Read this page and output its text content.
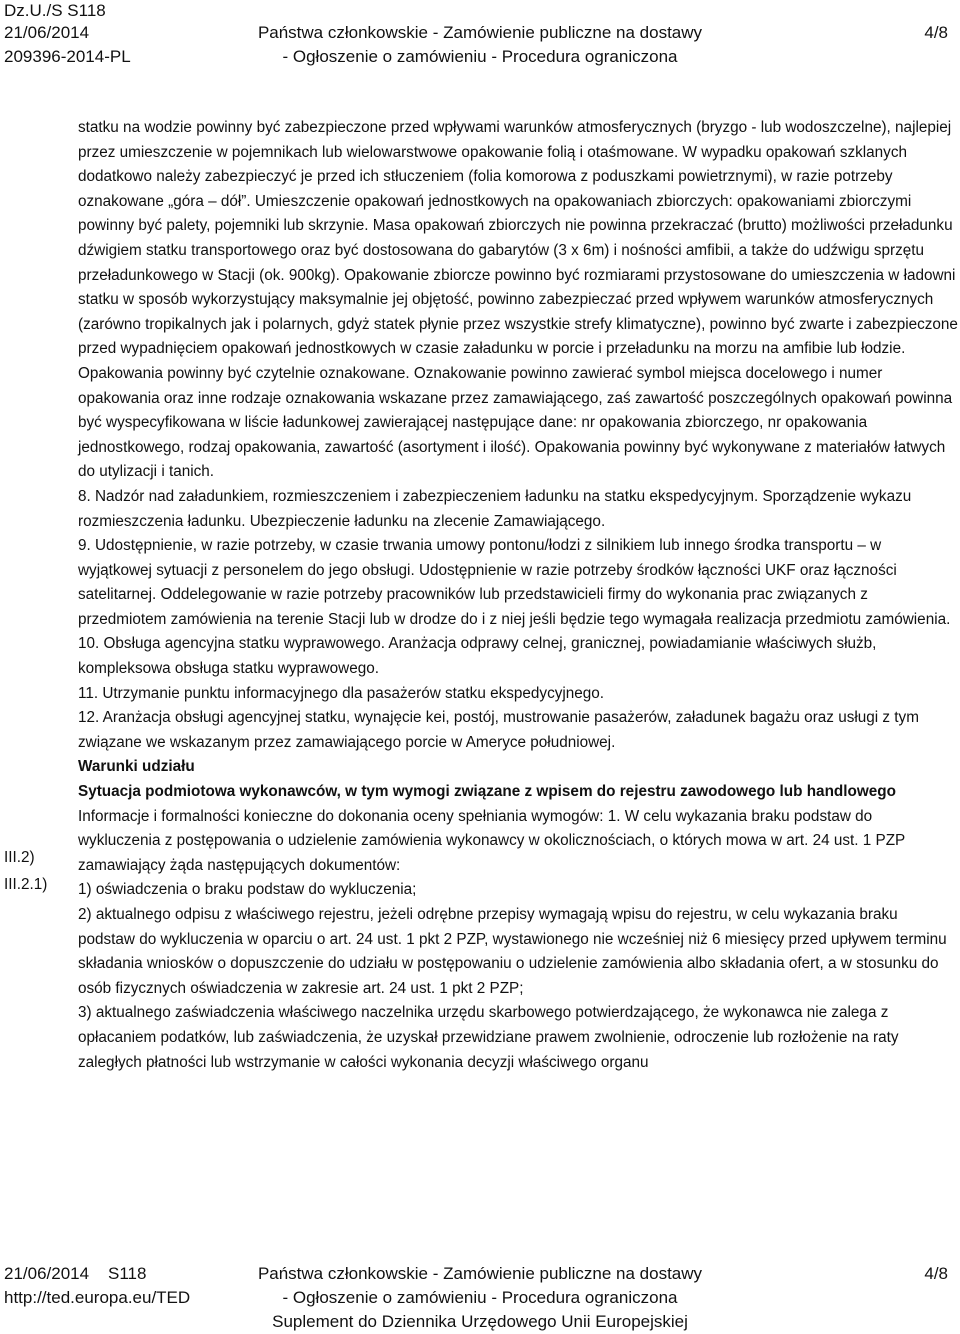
Dz.U./S S118
21/06/2014
209396-2014-PL
Państwa członkowskie - Zamówienie publiczne na dostawy
- Ogłoszenie o zamówieniu - Procedura ograniczona
4/8
III.2)
III.2.1)

statku na wodzie powinny być zabezpieczone przed wpływami warunków atmosferycznych (bryzgo - lub wodoszczelne), najlepiej przez umieszczenie w pojemnikach lub wielowarstwowe opakowanie folią i otaśmowane. W wypadku opakowań szklanych dodatkowo należy zabezpieczyć je przed ich stłuczeniem (folia komorowa z poduszkami powietrznymi), w razie potrzeby oznakowane „góra – dół”. Umieszczenie opakowań jednostkowych na opakowaniach zbiorczych: opakowaniami zbiorczymi powinny być palety, pojemniki lub skrzynie. Masa opakowań zbiorczych nie powinna przekraczać (brutto) możliwości przeładunku dźwigiem statku transportowego oraz być dostosowana do gabarytów (3 x 6m) i nośności amfibii, a także do udźwigu sprzętu przeładunkowego w Stacji (ok. 900kg). Opakowanie zbiorcze powinno być rozmiarami przystosowane do umieszczenia w ładowni statku w sposób wykorzystujący maksymalnie jej objętość, powinno zabezpieczać przed wpływem warunków atmosferycznych (zarówno tropikalnych jak i polarnych, gdyż statek płynie przez wszystkie strefy klimatyczne), powinno być zwarte i zabezpieczone przed wypadnięciem opakowań jednostkowych w czasie załadunku w porcie i przeładunku na morzu na amfibie lub łodzie. Opakowania powinny być czytelnie oznakowane. Oznakowanie powinno zawierać symbol miejsca docelowego i numer opakowania oraz inne rodzaje oznakowania wskazane przez zamawiającego, zaś zawartość poszczególnych opakowań powinna być wyspecyfikowana w liście ładunkowej zawierającej następujące dane: nr opakowania zbiorczego, nr opakowania jednostkowego, rodzaj opakowania, zawartość (asortyment i ilość). Opakowania powinny być wykonywane z materiałów łatwych do utylizacji i tanich.

8. Nadzór nad załadunkiem, rozmieszczeniem i zabezpieczeniem ładunku na statku ekspedycyjnym. Sporządzenie wykazu rozmieszczenia ładunku. Ubezpieczenie ładunku na zlecenie Zamawiającego.

9. Udostępnienie, w razie potrzeby, w czasie trwania umowy pontonu/łodzi z silnikiem lub innego środka transportu – w wyjątkowej sytuacji z personelem do jego obsługi. Udostępnienie w razie potrzeby środków łączności UKF oraz łączności satelitarnej. Oddelegowanie w razie potrzeby pracowników lub przedstawicieli firmy do wykonania prac związanych z przedmiotem zamówienia na terenie Stacji lub w drodze do i z niej jeśli będzie tego wymagała realizacja przedmiotu zamówienia.

10. Obsługa agencyjna statku wyprawowego. Aranżacja odprawy celnej, granicznej, powiadamianie właściwych służb, kompleksowa obsługa statku wyprawowego.

11. Utrzymanie punktu informacyjnego dla pasażerów statku ekspedycyjnego.

12. Aranżacja obsługi agencyjnej statku, wynajęcie kei, postój, mustrowanie pasażerów, załadunek bagażu oraz usługi z tym związane we wskazanym przez zamawiającego porcie w Ameryce południowej.

Warunki udziału

Sytuacja podmiotowa wykonawców, w tym wymogi związane z wpisem do rejestru zawodowego lub handlowego

Informacje i formalności konieczne do dokonania oceny spełniania wymogów: 1. W celu wykazania braku podstaw do wykluczenia z postępowania o udzielenie zamówienia wykonawcy w okolicznościach, o których mowa w art. 24 ust. 1 PZP zamawiający żąda następujących dokumentów:

1) oświadczenia o braku podstaw do wykluczenia;

2) aktualnego odpisu z właściwego rejestru, jeżeli odrębne przepisy wymagają wpisu do rejestru, w celu wykazania braku podstaw do wykluczenia w oparciu o art. 24 ust. 1 pkt 2 PZP, wystawionego nie wcześniej niż 6 miesięcy przed upływem terminu składania wniosków o dopuszczenie do udziału w postępowaniu o udzielenie zamówienia albo składania ofert, a w stosunku do osób fizycznych oświadczenia w zakresie art. 24 ust. 1 pkt 2 PZP;

3) aktualnego zaświadczenia właściwego naczelnika urzędu skarbowego potwierdzającego, że wykonawca nie zalega z opłacaniem podatków, lub zaświadczenia, że uzyskał przewidziane prawem zwolnienie, odroczenie lub rozłożenie na raty zaległych płatności lub wstrzymanie w całości wykonania decyzji właściwego organu

21/06/2014 S118
http://ted.europa.eu/TED
Państwa członkowskie - Zamówienie publiczne na dostawy
- Ogłoszenie o zamówieniu - Procedura ograniczona
Suplement do Dziennika Urzędowego Unii Europejskiej
4/8
